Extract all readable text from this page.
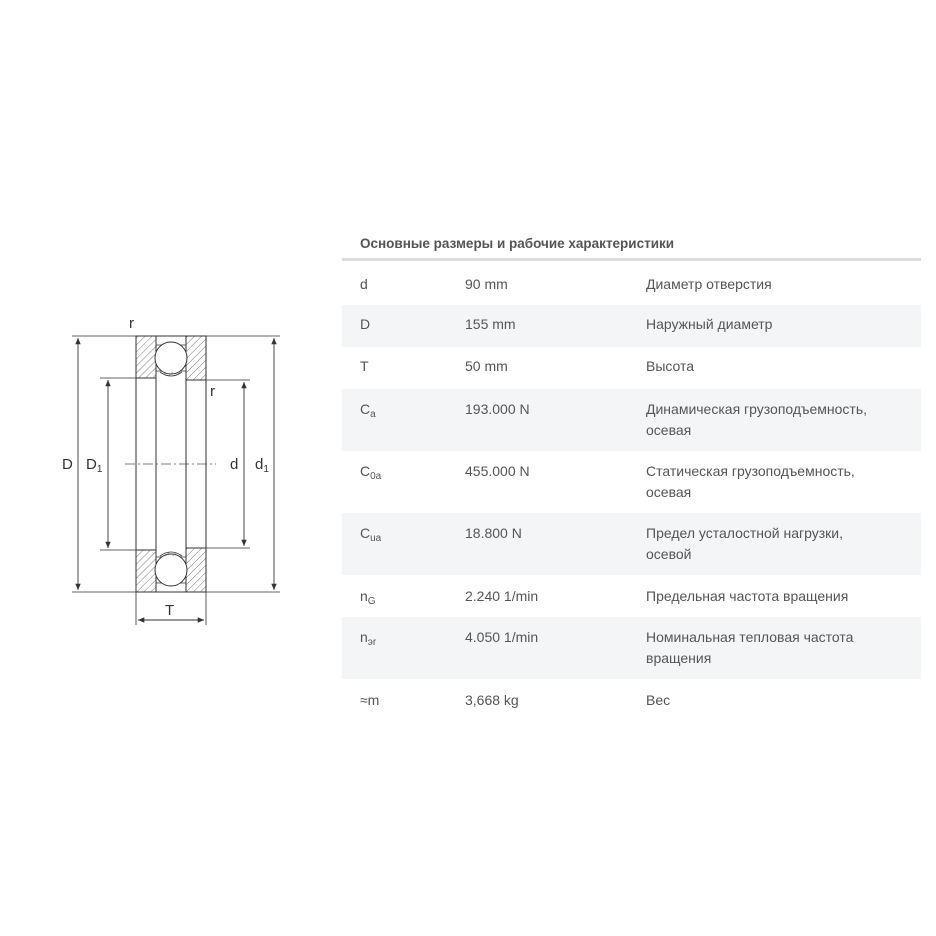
r
r
D $D_1$	d $d_1$
T
Основные размеры и рабочие характеристики
d	90 mm	Диаметр отверстия
D	155 mm	Наружный диаметр
T	50 mm	Высота
$C_a$	193.000 N	Динамическая грузоподъемность,
осевая
$C_{0a}$	455.000 N	Статическая грузоподъемность,
осевая
$C_{ua}$	18.800 N	Предел усталостной нагрузки,
осевой
$n_G$	2.240 1/min	Предельная частота вращения
$n_{эr}$	4.050 1/min	Номинальная тепловая частота
вращения
≈m	3,668 kg	Вес
